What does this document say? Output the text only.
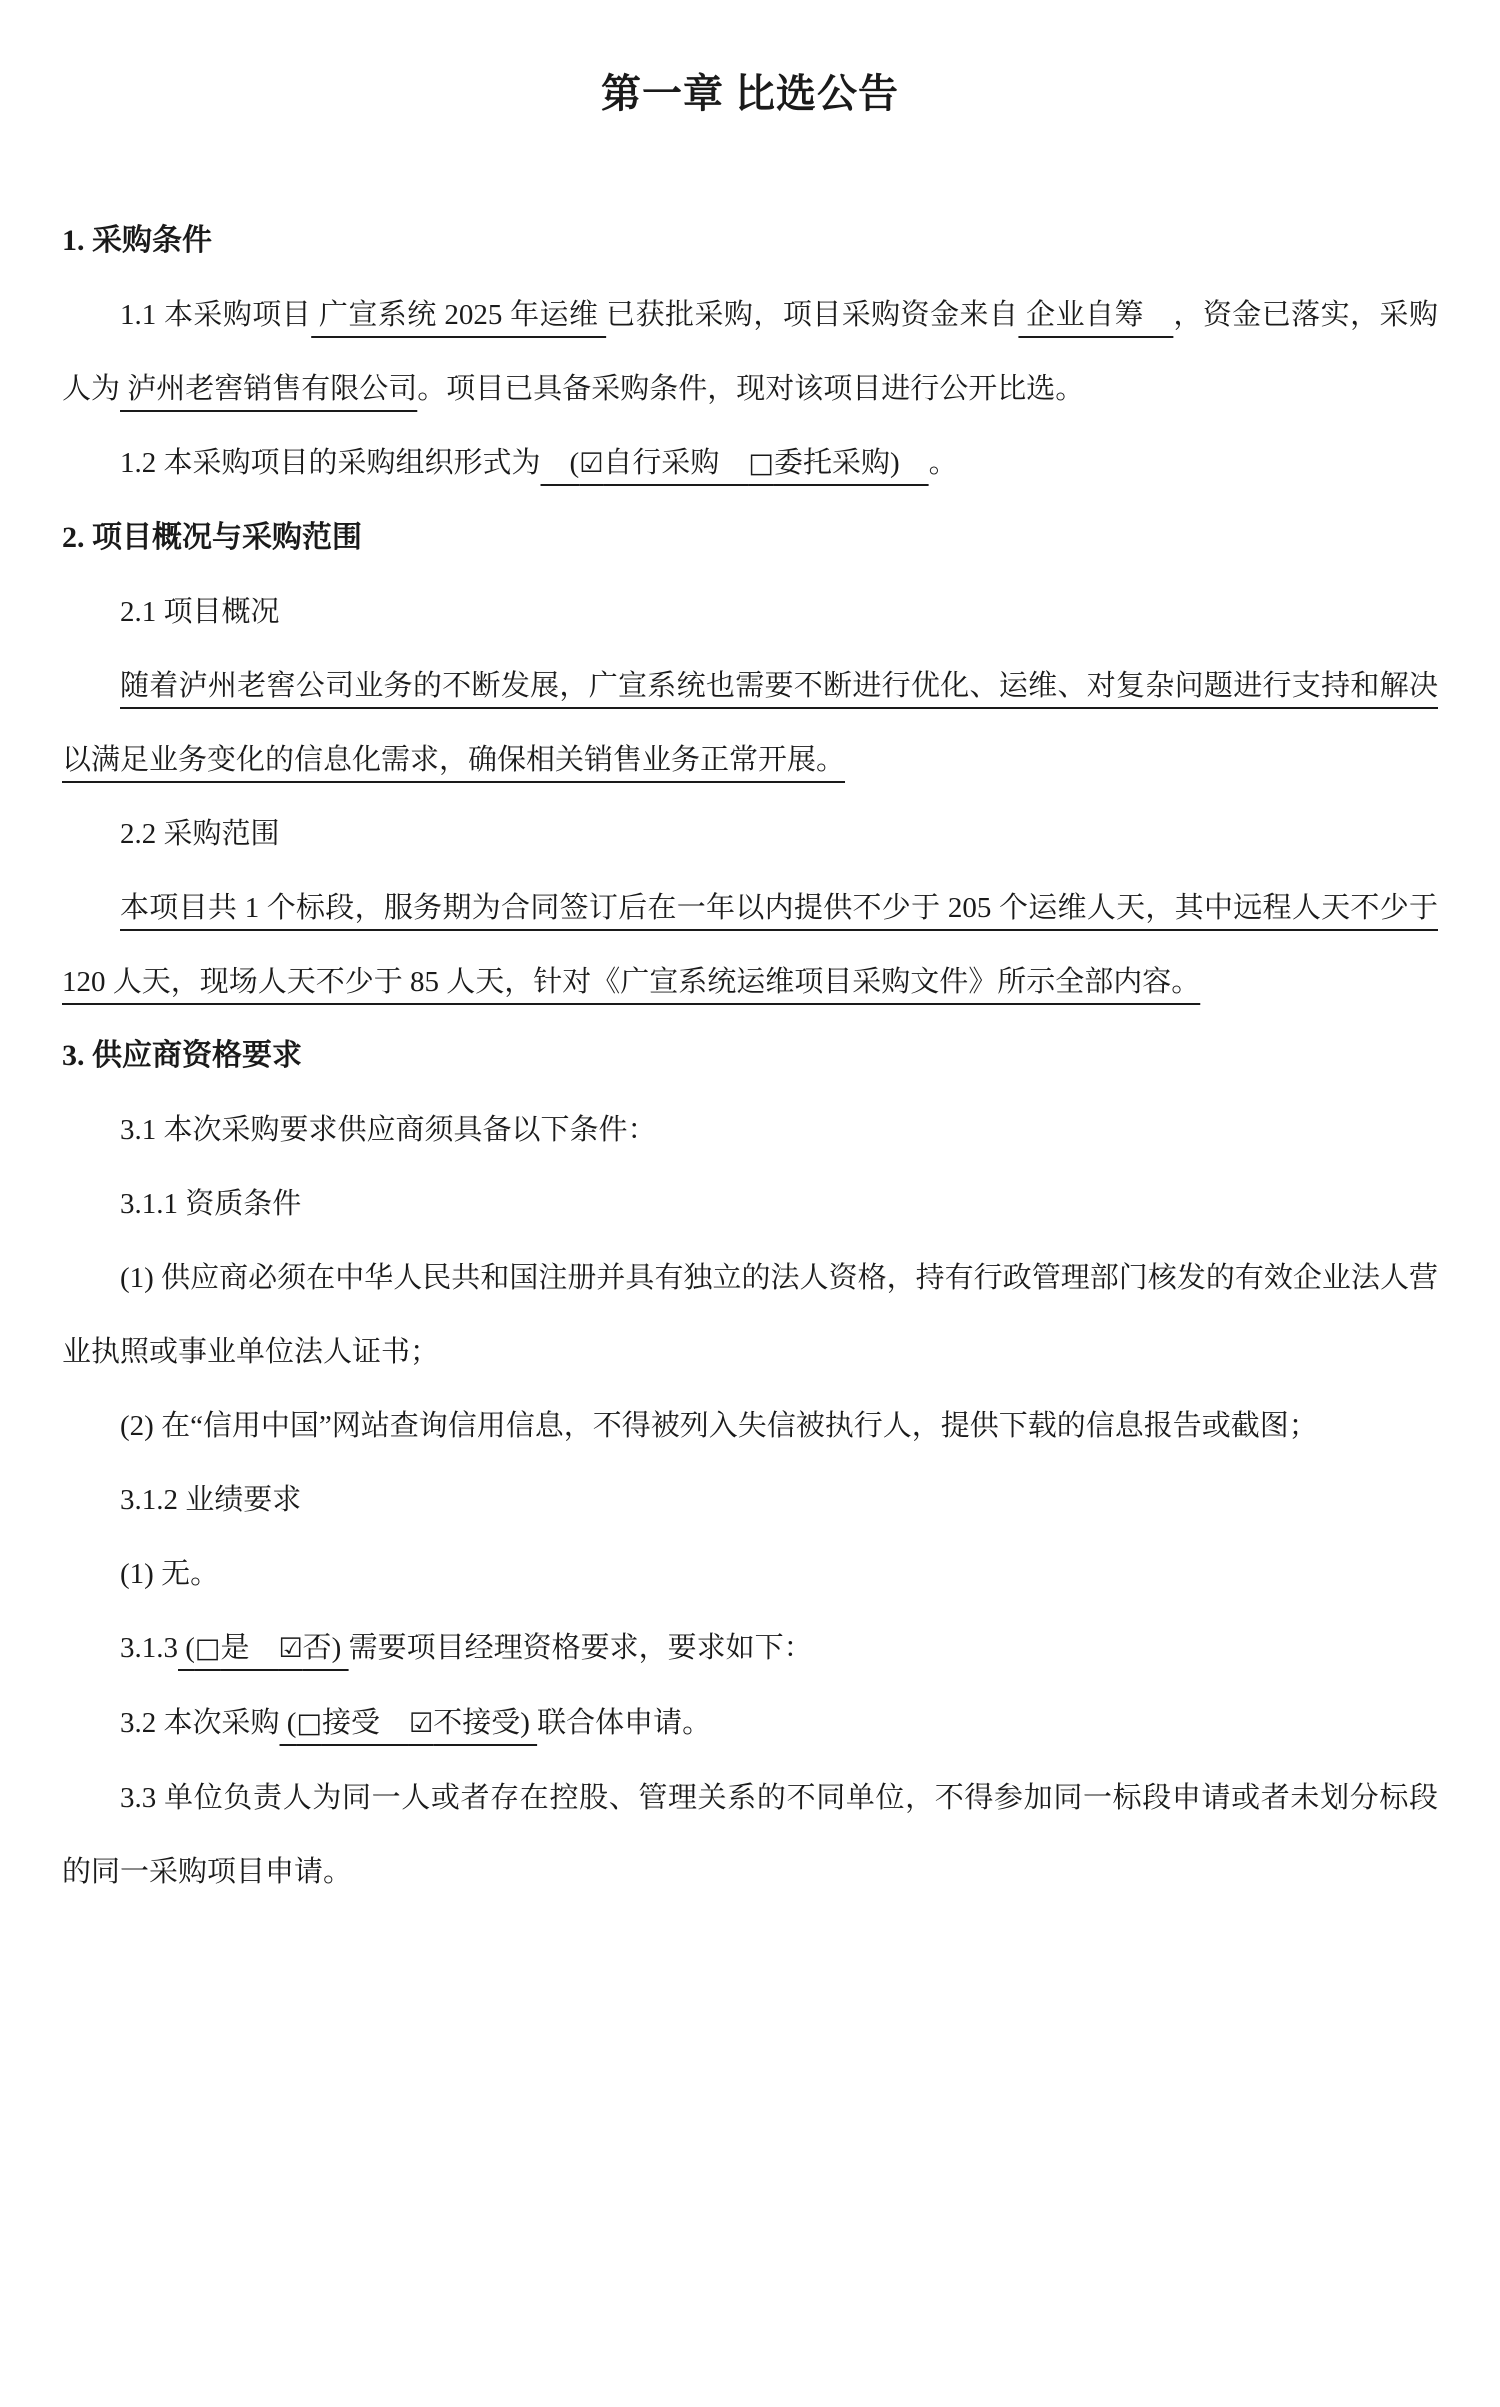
第一章 比选公告
1. 采购条件

1.1 本采购项目 广宣系统 2025 年运维 已获批采购，项目采购资金来自 企业自筹　，资金已落实，采购人为 泸州老窖销售有限公司。项目已具备采购条件，现对该项目进行公开比选。

1.2 本采购项目的采购组织形式为　(☑自行采购　□委托采购)　。

2. 项目概况与采购范围

2.1 项目概况

随着泸州老窖公司业务的不断发展，广宣系统也需要不断进行优化、运维、对复杂问题进行支持和解决以满足业务变化的信息化需求，确保相关销售业务正常开展。

2.2 采购范围

本项目共 1 个标段，服务期为合同签订后在一年以内提供不少于 205 个运维人天，其中远程人天不少于 120 人天，现场人天不少于 85 人天，针对《广宣系统运维项目采购文件》所示全部内容。

3. 供应商资格要求

3.1 本次采购要求供应商须具备以下条件：

3.1.1 资质条件

(1) 供应商必须在中华人民共和国注册并具有独立的法人资格，持有行政管理部门核发的有效企业法人营业执照或事业单位法人证书；

(2) 在“信用中国”网站查询信用信息，不得被列入失信被执行人，提供下载的信息报告或截图；

3.1.2 业绩要求

(1) 无。

3.1.3 (□是　☑否) 需要项目经理资格要求，要求如下：

3.2 本次采购 (□接受　☑不接受) 联合体申请。

3.3 单位负责人为同一人或者存在控股、管理关系的不同单位，不得参加同一标段申请或者未划分标段的同一采购项目申请。
